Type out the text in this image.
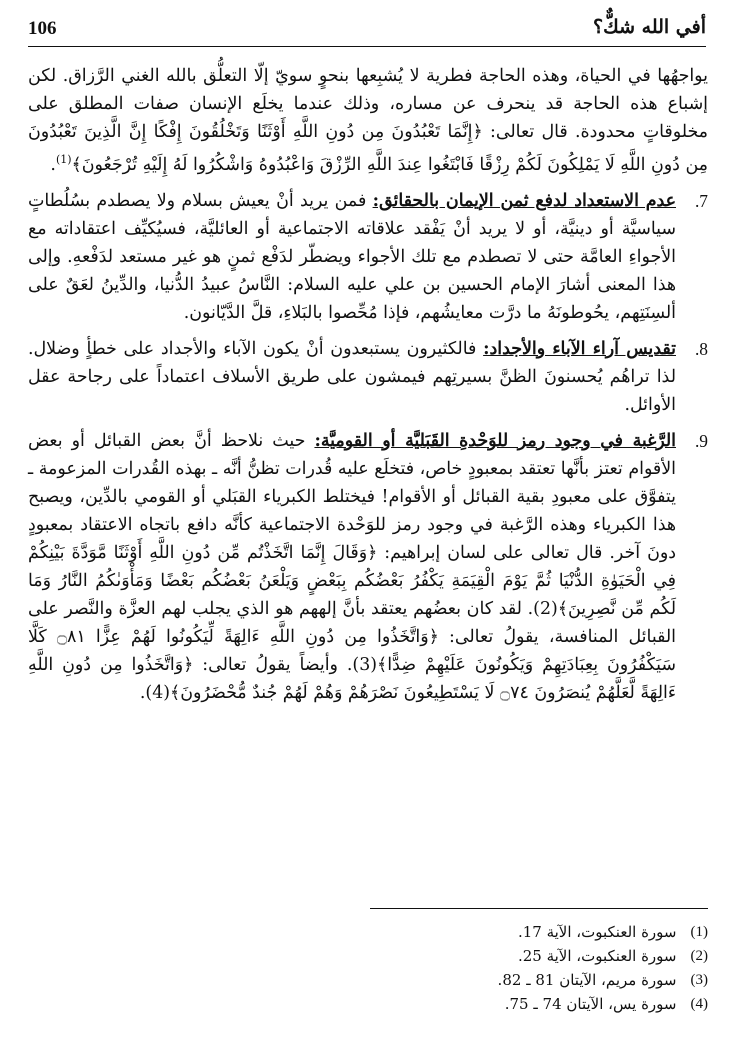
106	أفي الله شكٌّ؟

يواجهُها في الحياة، وهذه الحاجة فطرية لا يُشبِعها بنحوٍ سويّ إلّا التعلُّق بالله الغني الرَّزاق. لكن إشباع هذه الحاجة قد ينحرف عن مساره، وذلك عندما يخلَع الإنسان صفات المطلق على مخلوقاتٍ محدودة. قال تعالى: ﴿إِنَّمَا تَعْبُدُونَ مِن دُونِ اللَّهِ أَوْثَنًا وَتَخْلُقُونَ إِفْكًا إِنَّ الَّذِينَ تَعْبُدُونَ مِن دُونِ اللَّهِ لَا يَمْلِكُونَ لَكُمْ رِزْقًا فَابْتَغُوا عِندَ اللَّهِ الرِّزْقَ وَاعْبُدُوهُ وَاشْكُرُوا لَهُ إِلَيْهِ تُرْجَعُونَ﴾$^{(1)}$.

7.

عدم الاستعداد لدفع ثمن الإيمان بالحقائق: فمن يريد أنْ يعيش بسلام ولا يصطدم بسُلُطاتٍ سياسيَّة أو دينيَّة، أو لا يريد أنْ يَفْقد علاقاته الاجتماعية أو العائليَّة، فسيُكيِّف اعتقاداته مع الأجواءِ العامَّة حتى لا تصطدم مع تلك الأجواء ويضطّر لدَفْع ثمنٍ هو غير مستعد لدَفْعهِ. وإلى هذا المعنى أشارَ الإمام الحسين بن علي عليه السلام: النَّاسُ عبيدُ الدُّنيا، والدِّينُ لعَقٌ على ألسِنَتِهم، يحُوطونَهُ ما درَّت معايشُهم، فإذا مُحِّصوا بالبَلاءِ، قلَّ الدَّيّانون.

8.

تقديس آراء الآباء والأجداد: فالكثيرون يستبعدون أنْ يكون الآباء والأجداد على خطأٍ وضلال. لذا تراهُم يُحسنونَ الظنَّ بسيرتِهم فيمشون على طريق الأسلاف اعتماداً على رجاحة عقل الأوائل.

9.

الرَّغبة في وجود رمز للوَحْدةِ القَبَليَّة أو القوميَّة: حيث نلاحظ أنَّ بعض القبائل أو بعض الأقوام تعتز بأنَّها تعتقد بمعبودٍ خاص، فتخلَع عليه قُدرات تظنُّ أنَّه ـ بهذه القُدرات المزعومة ـ يتفوَّق على معبودِ بقية القبائل أو الأقوام! فيختلط الكبرياء القبَلي أو القومي بالدِّين، ويصبح هذا الكبرياء وهذه الرَّغبة في وجود رمز للوَحْدة الاجتماعية كأنَّه دافع باتجاه الاعتقاد بمعبودٍ دونَ آخر. قال تعالى على لسان إبراهيم: ﴿وَقَالَ إِنَّمَا اتَّخَذْتُم مِّن دُونِ اللَّهِ أَوْثَنًا مَّوَدَّةَ بَيْنِكُمْ فِي الْحَيَوٰةِ الدُّنْيَا ثُمَّ يَوْمَ الْقِيَمَةِ يَكْفُرُ بَعْضُكُم بِبَعْضٍ وَيَلْعَنُ بَعْضُكُم بَعْضًا وَمَأْوَىٰكُمُ النَّارُ وَمَا لَكُم مِّن نَّصِرِينَ﴾(2). لقد كان بعضُهم يعتقد بأنَّ إلههم هو الذي يجلب لهم العزَّة والنَّصر على القبائل المنافسة، يقولُ تعالى: ﴿وَاتَّخَذُوا مِن دُونِ اللَّهِ ءَالِهَةً لِّيَكُونُوا لَهُمْ عِزًّا ۝٨١ كَلَّا سَيَكْفُرُونَ بِعِبَادَتِهِمْ وَيَكُونُونَ عَلَيْهِمْ ضِدًّا﴾(3). وأيضاً يقولُ تعالى: ﴿وَاتَّخَذُوا مِن دُونِ اللَّهِ ءَالِهَةً لَّعَلَّهُمْ يُنصَرُونَ ۝٧٤ لَا يَسْتَطِيعُونَ نَصْرَهُمْ وَهُمْ لَهُمْ جُندٌ مُّحْضَرُونَ﴾(4).

(1)
سورة العنكبوت، الآية 17.
(2)
سورة العنكبوت، الآية 25.
(3)
سورة مريم، الآيتان 81 ـ 82.
(4)
سورة يس، الآيتان 74 ـ 75.
